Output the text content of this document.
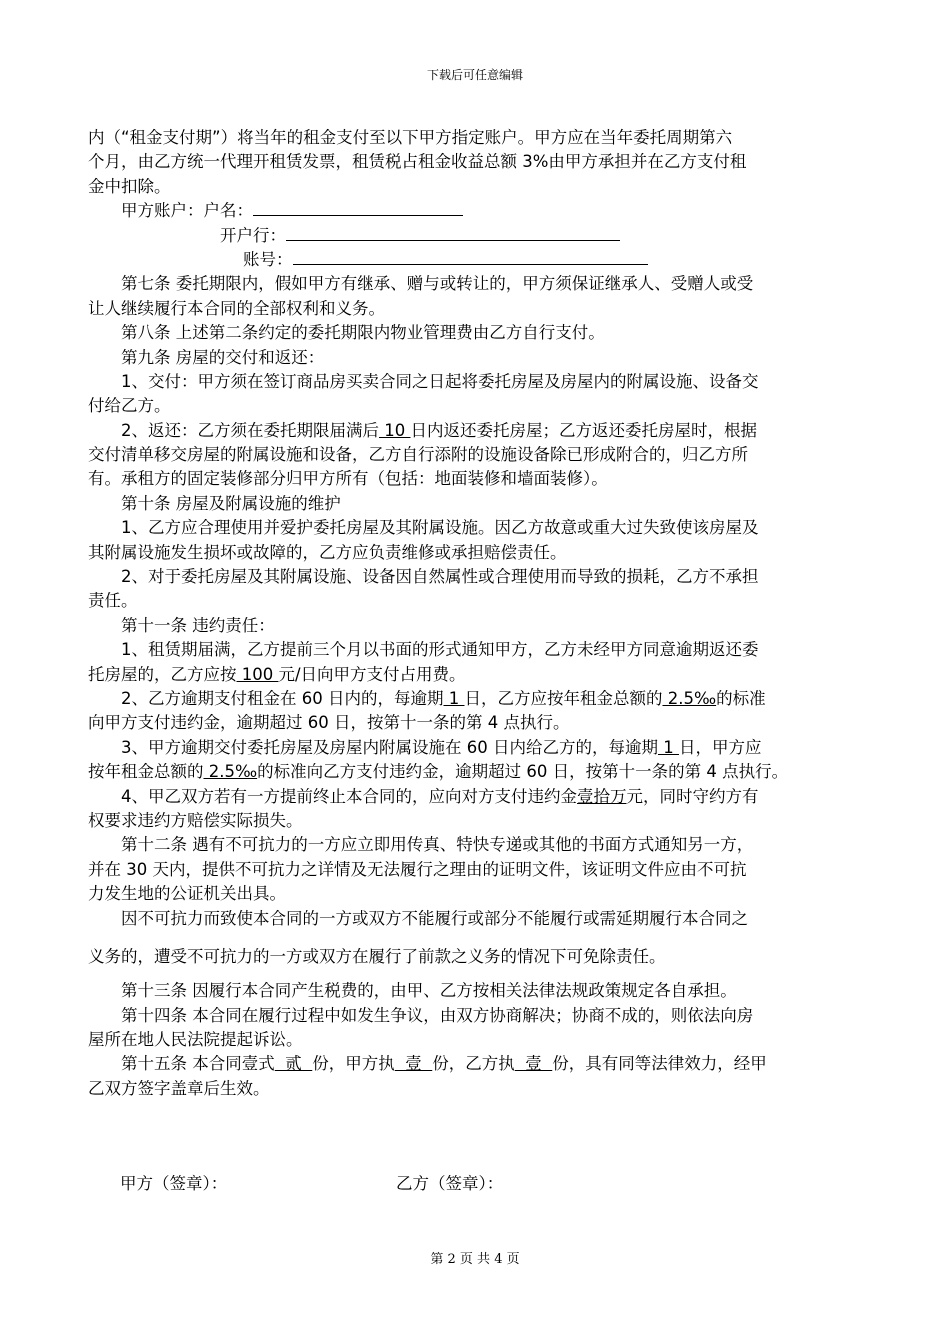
下载后可任意编辑
内（“租金支付期”）将当年的租金支付至以下甲方指定账户。甲方应在当年委托周期第六
个月，由乙方统一代理开租赁发票，租赁税占租金收益总额 3%由甲方承担并在乙方支付租
金中扣除。
甲方账户：户名：
开户行：
账号：
第七条 委托期限内，假如甲方有继承、赠与或转让的，甲方须保证继承人、受赠人或受
让人继续履行本合同的全部权利和义务。
第八条 上述第二条约定的委托期限内物业管理费由乙方自行支付。
第九条 房屋的交付和返还：
1、交付：甲方须在签订商品房买卖合同之日起将委托房屋及房屋内的附属设施、设备交
付给乙方。
2、返还：乙方须在委托期限届满后 10 日内返还委托房屋；乙方返还委托房屋时，根据
交付清单移交房屋的附属设施和设备，乙方自行添附的设施设备除已形成附合的，归乙方所
有。承租方的固定装修部分归甲方所有（包括：地面装修和墙面装修）。
第十条 房屋及附属设施的维护
1、乙方应合理使用并爱护委托房屋及其附属设施。因乙方故意或重大过失致使该房屋及
其附属设施发生损坏或故障的，乙方应负责维修或承担赔偿责任。
2、对于委托房屋及其附属设施、设备因自然属性或合理使用而导致的损耗，乙方不承担
责任。
第十一条 违约责任：
1、租赁期届满，乙方提前三个月以书面的形式通知甲方，乙方未经甲方同意逾期返还委
托房屋的，乙方应按 100 元/日向甲方支付占用费。
2、乙方逾期支付租金在 60 日内的，每逾期 1 日，乙方应按年租金总额的 2.5‰的标准
向甲方支付违约金，逾期超过 60 日，按第十一条的第 4 点执行。
3、甲方逾期交付委托房屋及房屋内附属设施在 60 日内给乙方的，每逾期 1 日，甲方应
按年租金总额的 2.5‰的标准向乙方支付违约金，逾期超过 60 日，按第十一条的第 4 点执行。
4、甲乙双方若有一方提前终止本合同的，应向对方支付违约金壹拾万元，同时守约方有
权要求违约方赔偿实际损失。
第十二条 遇有不可抗力的一方应立即用传真、特快专递或其他的书面方式通知另一方，
并在 30 天内，提供不可抗力之详情及无法履行之理由的证明文件，该证明文件应由不可抗
力发生地的公证机关出具。
因不可抗力而致使本合同的一方或双方不能履行或部分不能履行或需延期履行本合同之
义务的，遭受不可抗力的一方或双方在履行了前款之义务的情况下可免除责任。
第十三条 因履行本合同产生税费的，由甲、乙方按相关法律法规政策规定各自承担。
第十四条 本合同在履行过程中如发生争议，由双方协商解决；协商不成的，则依法向房
屋所在地人民法院提起诉讼。
第十五条 本合同壹式  贰  份，甲方执  壹  份，乙方执  壹  份，具有同等法律效力，经甲
乙双方签字盖章后生效。
甲方（签章）：	乙方（签章）：
第 2 页 共 4 页
